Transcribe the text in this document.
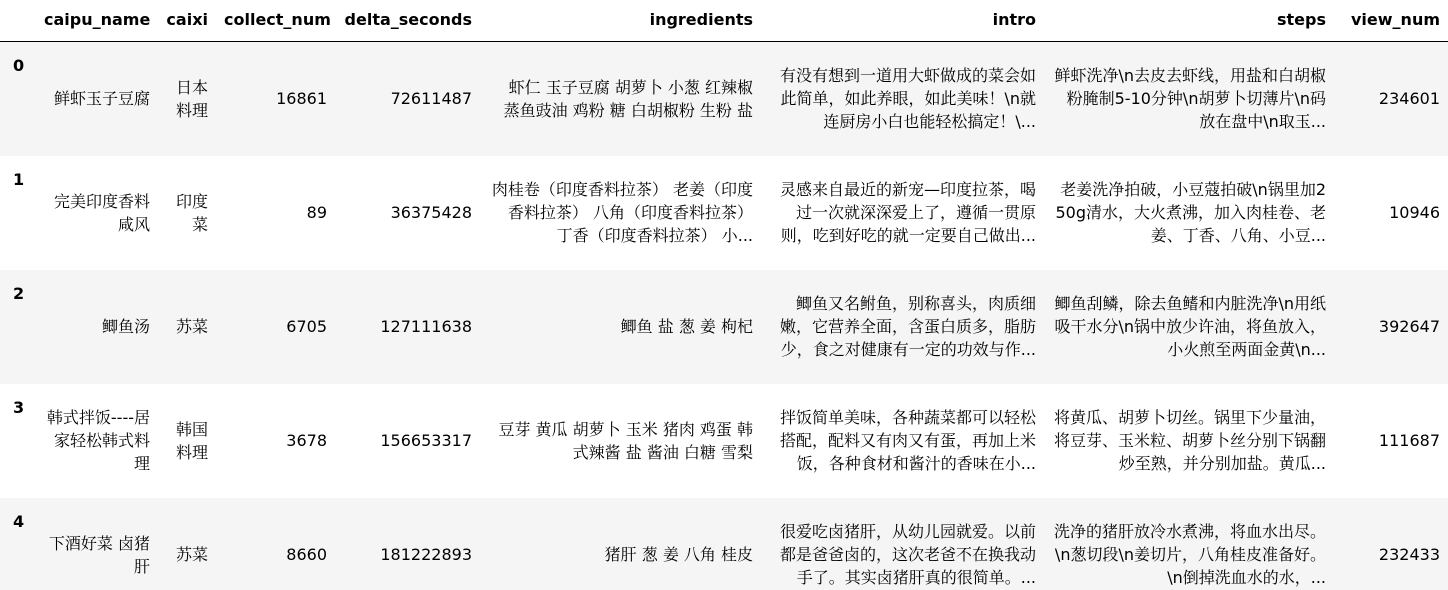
	caipu_name	caixi	collect_num	delta_seconds	ingredients	intro	steps	view_num
0	鲜虾玉子豆腐	日本料理	16861	72611487	虾仁 玉子豆腐 胡萝卜 小葱 红辣椒 蒸鱼豉油 鸡粉 糖 白胡椒粉 生粉 盐	有没有想到一道用大虾做成的菜会如此简单，如此养眼，如此美味！\n就连厨房小白也能轻松搞定！\...	鲜虾洗净\n去皮去虾线，用盐和白胡椒粉腌制5-10分钟\n胡萝卜切薄片\n码放在盘中\n取玉...	234601
1	完美印度香料咸风	印度菜	89	36375428	肉桂卷（印度香料拉茶） 老姜（印度香料拉茶） 八角（印度香料拉茶） 丁香（印度香料拉茶） 小...	灵感来自最近的新宠—印度拉茶，喝过一次就深深爱上了，遵循一贯原则，吃到好吃的就一定要自己做出...	老姜洗净拍破，小豆蔻拍破\n锅里加250g清水，大火煮沸，加入肉桂卷、老姜、丁香、八角、小豆...	10946
2	鲫鱼汤	苏菜	6705	127111638	鲫鱼 盐 葱 姜 枸杞	鲫鱼又名鲋鱼，别称喜头，肉质细嫩，它营养全面，含蛋白质多，脂肪少，食之对健康有一定的功效与作...	鲫鱼刮鳞，除去鱼鳍和内脏洗净\n用纸吸干水分\n锅中放少许油，将鱼放入，小火煎至两面金黄\n...	392647
3	韩式拌饭----居家轻松韩式料理	韩国料理	3678	156653317	豆芽 黄瓜 胡萝卜 玉米 猪肉 鸡蛋 韩式辣酱 盐 酱油 白糖 雪梨	拌饭简单美味，各种蔬菜都可以轻松搭配，配料又有肉又有蛋，再加上米饭，各种食材和酱汁的香味在小...	将黄瓜、胡萝卜切丝。锅里下少量油，将豆芽、玉米粒、胡萝卜丝分别下锅翻炒至熟，并分别加盐。黄瓜...	111687
4	下酒好菜 卤猪肝	苏菜	8660	181222893	猪肝 葱 姜 八角 桂皮	很爱吃卤猪肝，从幼儿园就爱。以前都是爸爸卤的，这次老爸不在换我动手了。其实卤猪肝真的很简单。...	洗净的猪肝放冷水煮沸，将血水出尽。\n葱切段\n姜切片，八角桂皮准备好。\n倒掉洗血水的水，...	232433
